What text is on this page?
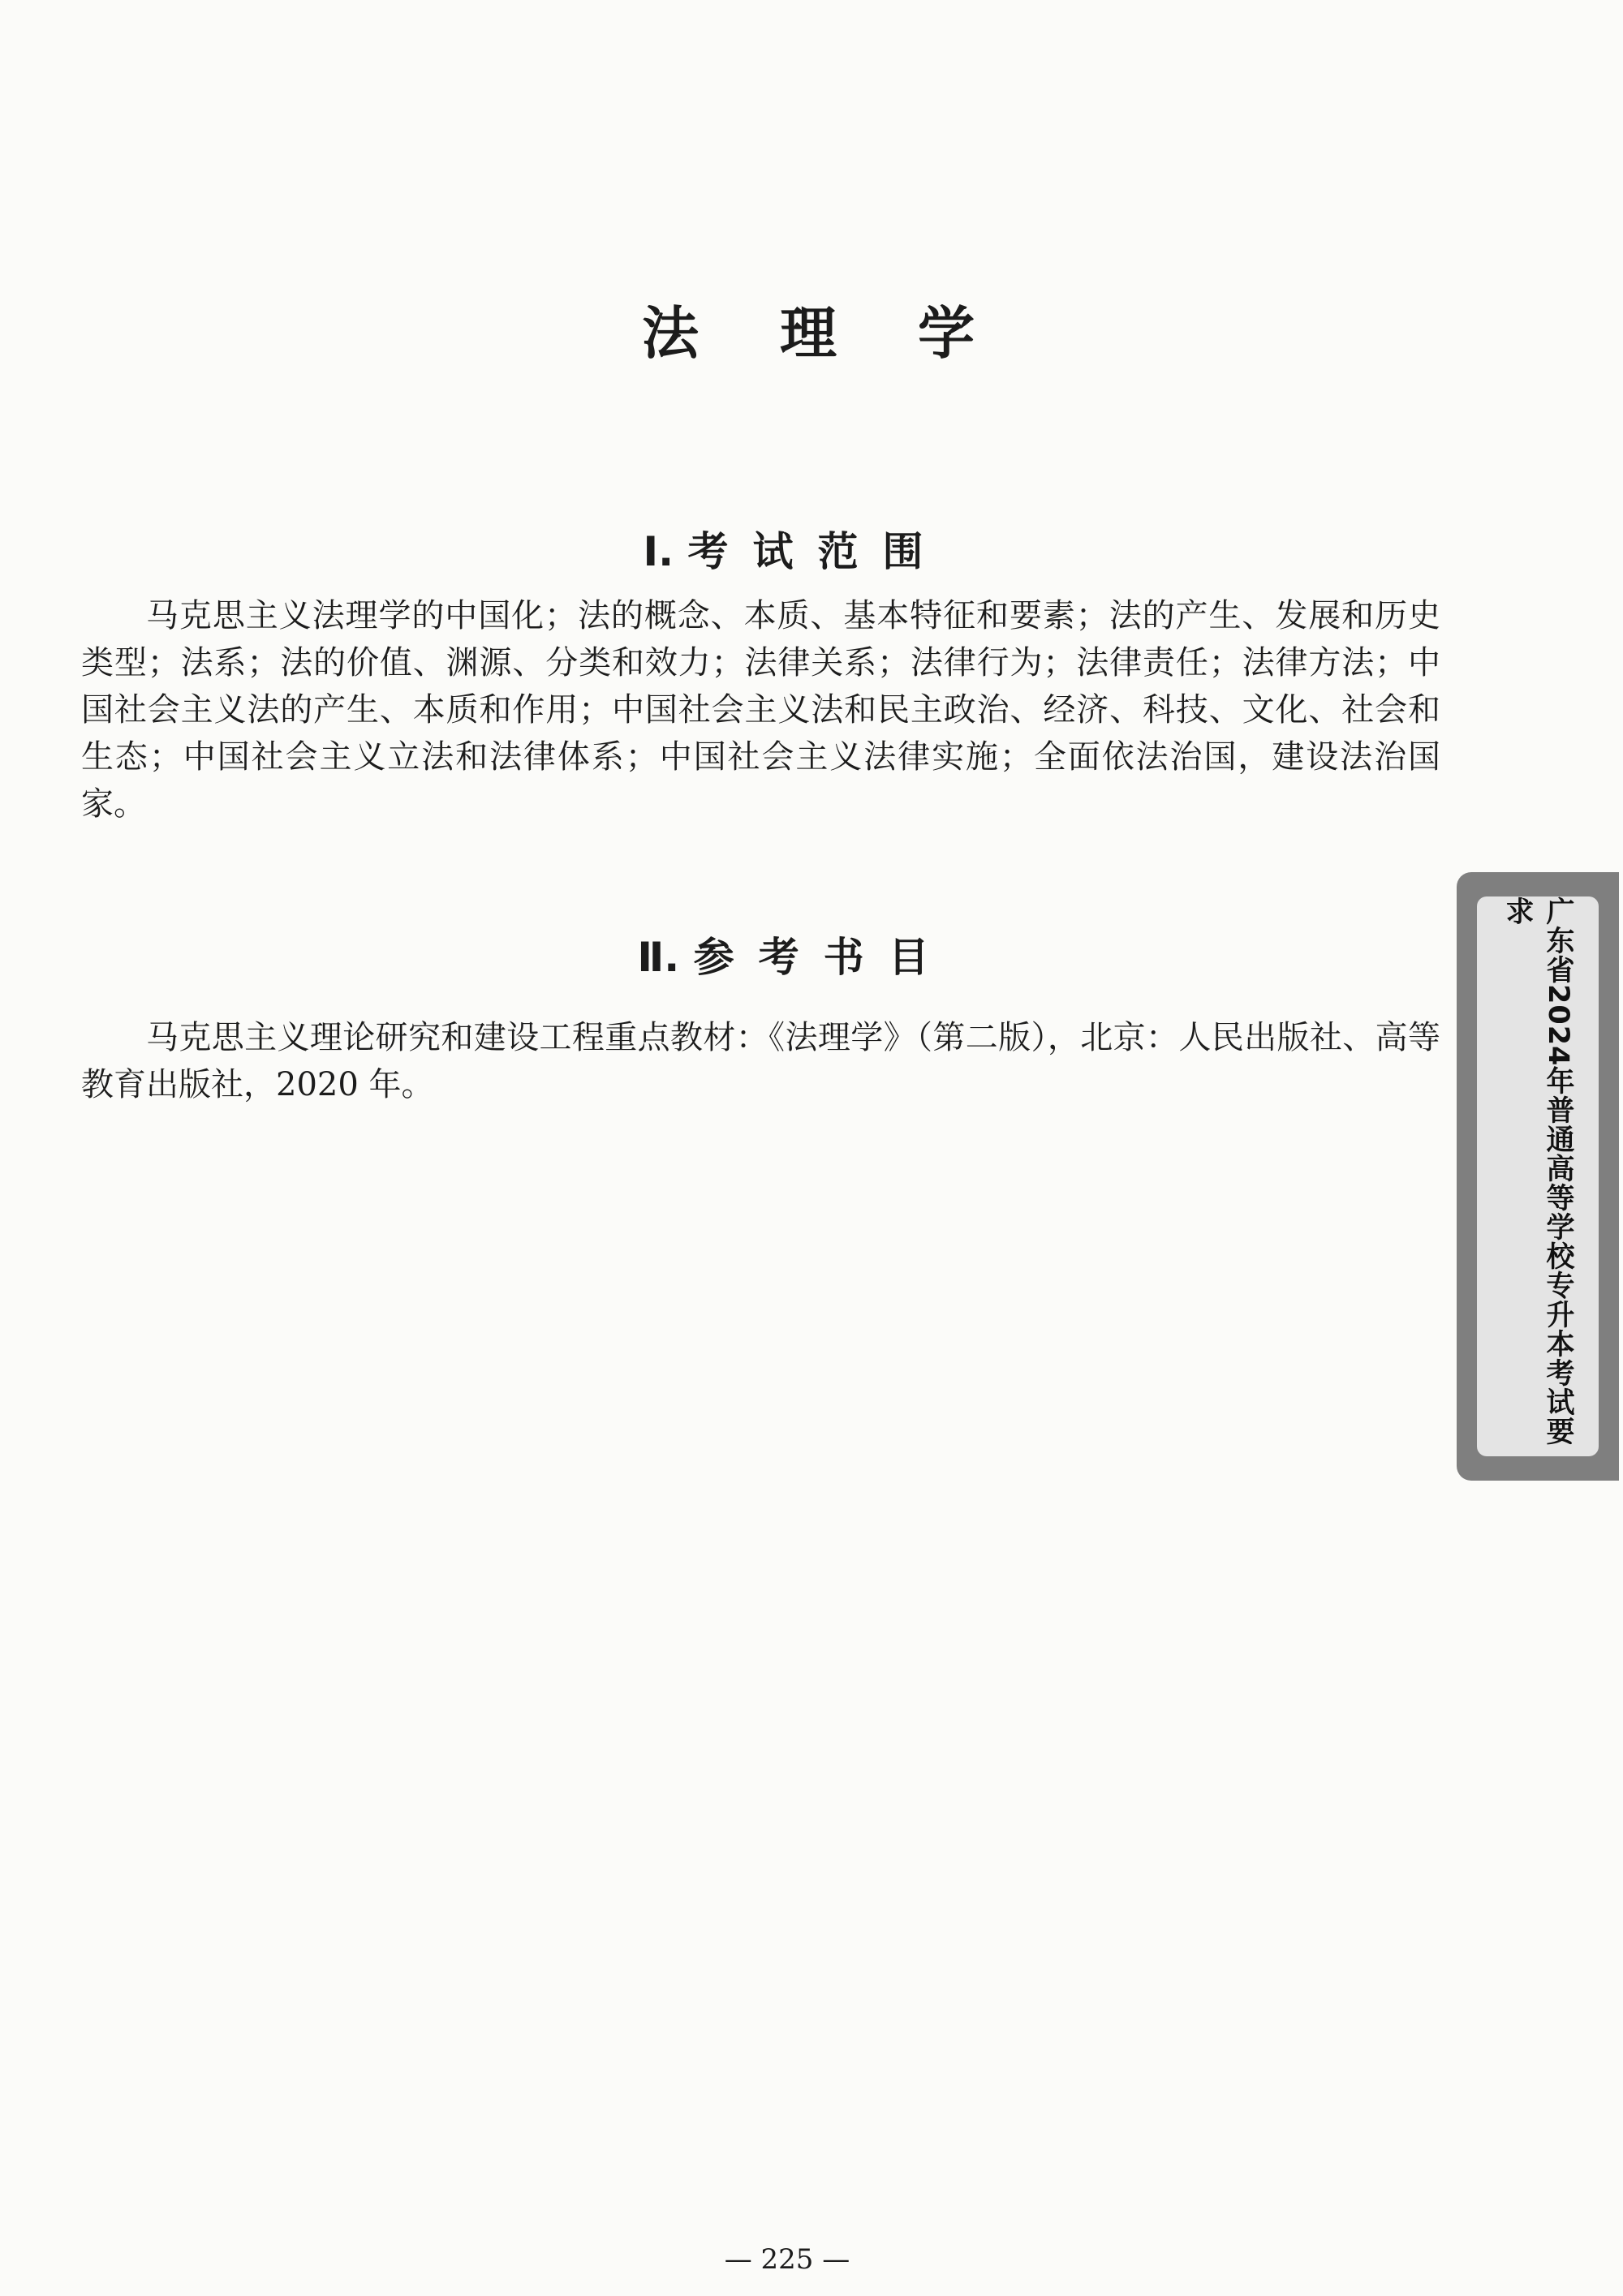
法理学
Ⅰ. 考试范围

马克思主义法理学的中国化；法的概念、本质、基本特征和要素；法的产生、发展和历史类型；法系；法的价值、渊源、分类和效力；法律关系；法律行为；法律责任；法律方法；中国社会主义法的产生、本质和作用；中国社会主义法和民主政治、经济、科技、文化、社会和生态；中国社会主义立法和法律体系；中国社会主义法律实施；全面依法治国，建设法治国家。

Ⅱ. 参考书目

马克思主义理论研究和建设工程重点教材：《法理学》（第二版），北京：人民出版社、高等教育出版社，2020 年。	广东省2024年普通高等学校专升本考试要求
— 225 —
